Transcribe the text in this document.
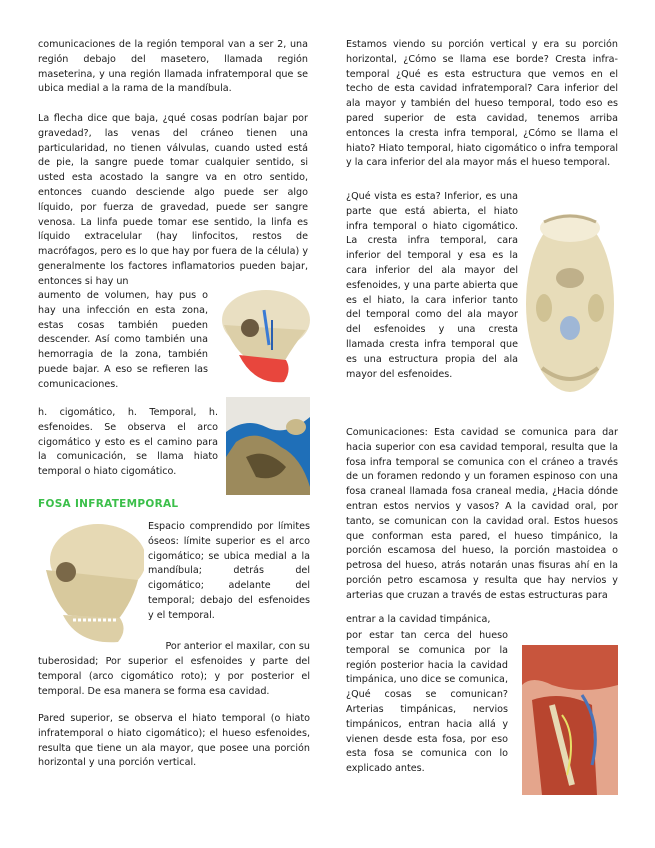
comunicaciones de la región temporal van a ser 2, una región debajo del masetero, llamada región maseterina, y una región llamada infratemporal que se ubica medial a la rama de la mandíbula.

La flecha dice que baja, ¿qué cosas podrían bajar por gravedad?, las venas del cráneo tienen una particularidad, no tienen válvulas, cuando usted está de pie, la sangre puede tomar cualquier sentido, si usted esta acostado la sangre va en otro sentido, entonces cuando desciende algo puede ser algo líquido, por fuerza de gravedad, puede ser sangre venosa. La linfa puede tomar ese sentido, la linfa es líquido extracelular (hay linfocitos, restos de macrófagos, pero es lo que hay por fuera de la célula) y generalmente los factores inflamatorios pueden bajar, entonces si hay un

aumento de volumen, hay pus o hay una infección en esta zona, estas cosas también pueden descender. Así como también una hemorragia de la zona, también puede bajar. A eso se refieren las comunicaciones.

h. cigomático, h. Temporal, h. esfenoides. Se observa el arco cigomático y esto es el camino para la comunicación, se llama hiato temporal o hiato cigomático.

FOSA INFRATEMPORAL

Espacio comprendido por límites óseos: límite superior es el arco cigomático; se ubica medial a la mandíbula; detrás del cigomático; adelante del temporal; debajo del esfenoides y el temporal.

Por anterior el maxilar, con su

tuberosidad; Por superior el esfenoides y parte del temporal (arco cigomático roto); y por posterior el temporal. De esa manera se forma esa cavidad.

Pared superior, se observa el hiato temporal (o hiato infratemporal o hiato cigomático); el hueso esfenoides, resulta que tiene un ala mayor, que posee una porción horizontal y una porción vertical.

Estamos viendo su porción vertical y era su porción horizontal, ¿Cómo se llama ese borde? Cresta infra-temporal ¿Qué es esta estructura que vemos en el techo de esta cavidad infratemporal? Cara inferior del ala mayor y también del hueso temporal, todo eso es pared superior de esta cavidad, tenemos arriba entonces la cresta infra temporal, ¿Cómo se llama el hiato? Hiato temporal, hiato cigomático o infra temporal y la cara inferior del ala mayor más el hueso temporal.

¿Qué vista es esta? Inferior, es una parte que está abierta, el hiato infra temporal o hiato cigomático. La cresta infra temporal, cara inferior del temporal y esa es la cara inferior del ala mayor del esfenoides, y una parte abierta que es el hiato, la cara inferior tanto del temporal como del ala mayor del esfenoides y una cresta llamada cresta infra temporal que es una estructura propia del ala mayor del esfenoides.

Comunicaciones: Esta cavidad se comunica para dar hacia superior con esa cavidad temporal, resulta que la fosa infra temporal se comunica con el cráneo a través de un foramen redondo y un foramen espinoso con una fosa craneal llamada fosa craneal media, ¿Hacia dónde entran estos nervios y vasos? A la cavidad oral, por tanto, se comunican con la cavidad oral. Estos huesos que conforman esta pared, el hueso timpánico, la porción escamosa del hueso, la porción mastoidea o petrosa del hueso, atrás notarán unas fisuras ahí en la porción petro escamosa y resulta que hay nervios y arterias que cruzan a través de estas estructuras para

entrar a la cavidad timpánica,

por estar tan cerca del hueso temporal se comunica por la región posterior hacia la cavidad timpánica, uno dice se comunica, ¿Qué cosas se comunican? Arterias timpánicas, nervios timpánicos, entran hacia allá y vienen desde esta fosa, por eso esta fosa se comunica con lo explicado antes.
